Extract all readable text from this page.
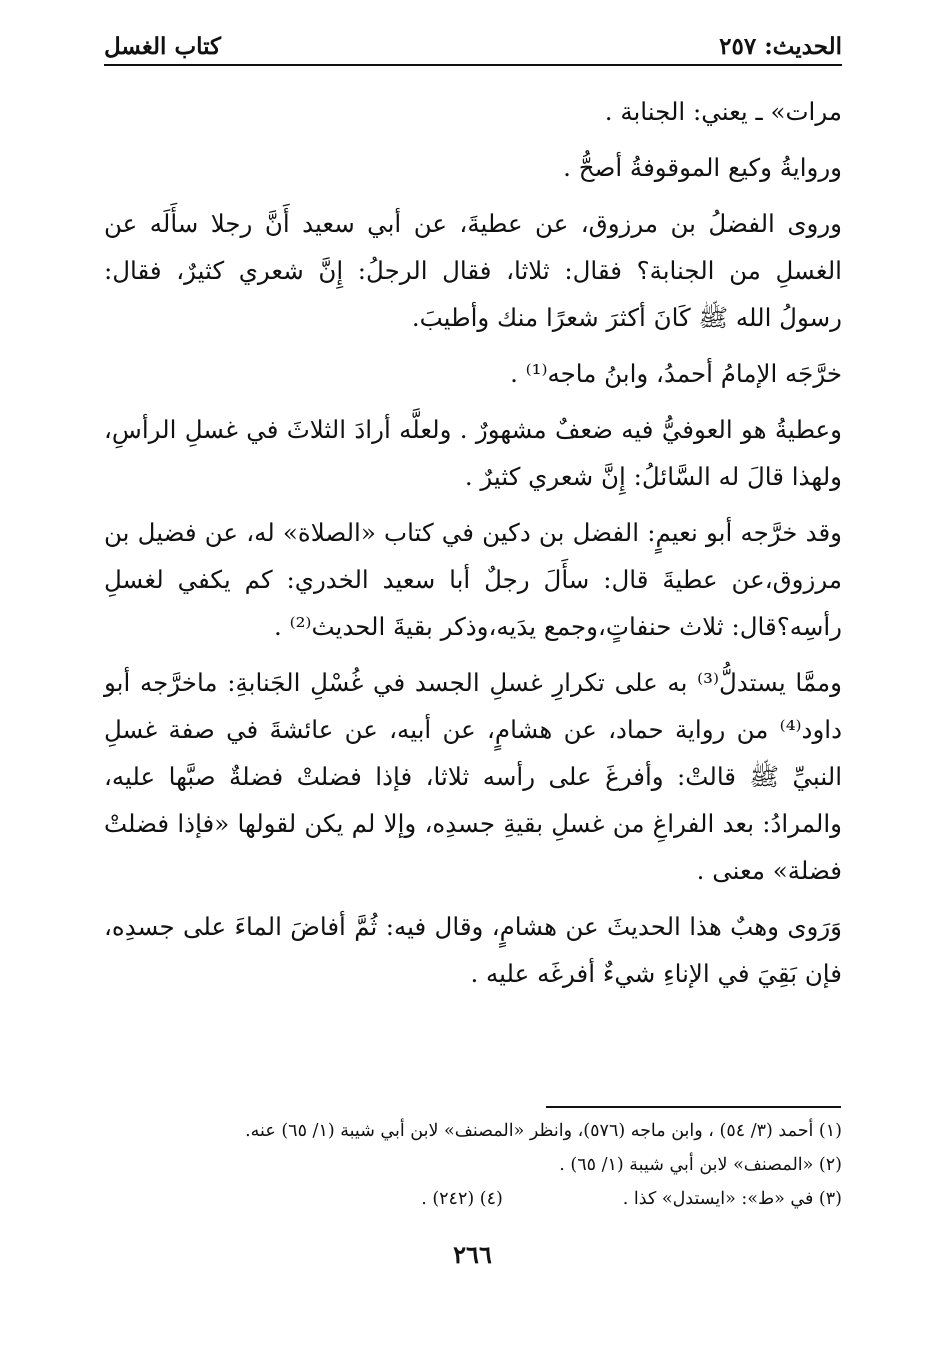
الحديث: ٢٥٧
كتاب الغسل

مرات» ـ يعني: الجنابة .

وروايةُ وكيع الموقوفةُ أصحُّ .

وروى الفضلُ بن مرزوق، عن عطيةَ، عن أبي سعيد أَنَّ رجلا سأَلَه عن الغسلِ من الجنابة؟ فقال: ثلاثا، فقال الرجلُ: إِنَّ شعري كثيرٌ، فقال: رسولُ الله ﷺ كَانَ أكثرَ شعرًا منك وأطيبَ.

خرَّجَه الإمامُ أحمدُ، وابنُ ماجه⁽¹⁾ .

وعطيةُ هو العوفيُّ فيه ضعفٌ مشهورٌ . ولعلَّه أرادَ الثلاثَ في غسلِ الرأسِ، ولهذا قالَ له السَّائلُ: إِنَّ شعري كثيرٌ .

وقد خرَّجه أبو نعيمٍ: الفضل بن دكين في كتاب «الصلاة» له، عن فضيل بن مرزوق،عن عطيةَ قال: سأَلَ رجلٌ أبا سعيد الخدري: كم يكفي لغسلِ رأسِه؟قال: ثلاث حنفاتٍ،وجمع يدَيه،وذكر بقيةَ الحديث⁽²⁾ .

وممَّا يستدلُّ⁽³⁾ به على تكرارِ غسلِ الجسد في غُسْلِ الجَنابةِ: ماخرَّجه أبو داود⁽⁴⁾ من رواية حماد، عن هشامٍ، عن أبيه، عن عائشةَ في صفة غسلِ النبيِّ ﷺ قالتْ: وأفرغَ على رأسه ثلاثا، فإذا فضلتْ فضلةٌ صبَّها عليه، والمرادُ: بعد الفراغِ من غسلِ بقيةِ جسدِه، وإلا لم يكن لقولها «فإذا فضلتْ فضلة» معنى .

وَرَوى وهبٌ هذا الحديثَ عن هشامٍ، وقال فيه: ثُمَّ أفاضَ الماءَ على جسدِه، فإن بَقِيَ في الإناءِ شيءٌ أفرغَه عليه .

(١) أحمد (٣/ ٥٤) ، وابن ماجه (٥٧٦)، وانظر «المصنف» لابن أبي شيبة (١/ ٦٥) عنه.

(٢) «المصنف» لابن أبي شيبة (١/ ٦٥) .

(٣) في «ط»: «ايستدل» كذا .
(٤) (٢٤٢) .
٢٦٦
